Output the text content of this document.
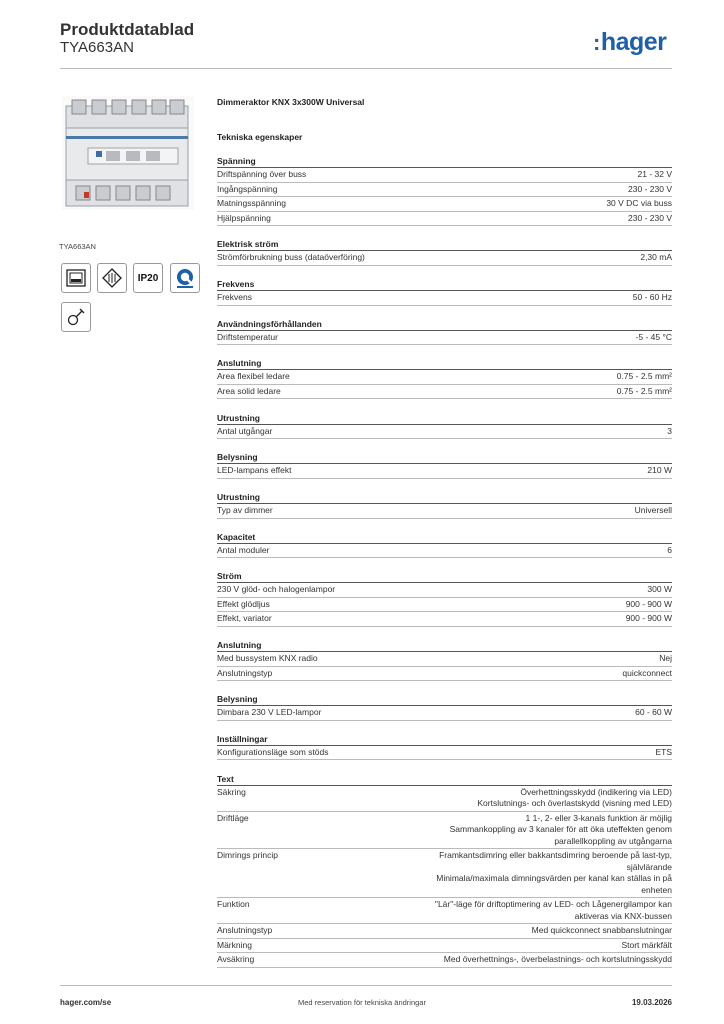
Produktdatablad
TYA663AN	:hager
TYA663AN
IP20
Dimmeraktor KNX 3x300W Universal
Tekniska egenskaper
Spänning
Driftspänning över buss	21 - 32 V
Ingångspänning	230 - 230 V
Matningsspänning	30 V DC via buss
Hjälpspänning	230 - 230 V
Elektrisk ström
Strömförbrukning buss (dataöverföring)	2,30 mA
Frekvens
Frekvens	50 - 60 Hz
Användningsförhållanden
Driftstemperatur	-5 - 45 °C
Anslutning
Area flexibel ledare	0.75 - 2.5 mm²
Area solid ledare	0.75 - 2.5 mm²
Utrustning
Antal utgångar	3
Belysning
LED-lampans effekt	210 W
Utrustning
Typ av dimmer	Universell
Kapacitet
Antal moduler	6
Ström
230 V glöd- och halogenlampor	300 W
Effekt glödljus	900 - 900 W
Effekt, variator	900 - 900 W
Anslutning
Med bussystem KNX radio	Nej
Anslutningstyp	quickconnect
Belysning
Dimbara 230 V LED-lampor	60 - 60 W
Inställningar
Konfigurationsläge som stöds	ETS
Text
Säkring	Överhettningsskydd (indikering via LED)
Kortslutnings- och överlastskydd (visning med LED)
Driftläge	1 1-, 2- eller 3-kanals funktion är möjlig
Sammankoppling av 3 kanaler för att öka uteffekten genom
parallellkoppling av utgångarna
Dimrings princip	Framkantsdimring eller bakkantsdimring beroende på last-typ,
självlärande
Minimala/maximala dimningsvärden per kanal kan ställas in på
enheten
Funktion	"Lär"-läge för driftoptimering av LED- och Lågenergilampor kan
aktiveras via KNX-bussen
Anslutningstyp	Med quickconnect snabbanslutningar
Märkning	Stort märkfält
Avsäkring	Med överhettnings-, överbelastnings- och kortslutningsskydd
hager.com/se	Med reservation för tekniska ändringar	19.03.2026
